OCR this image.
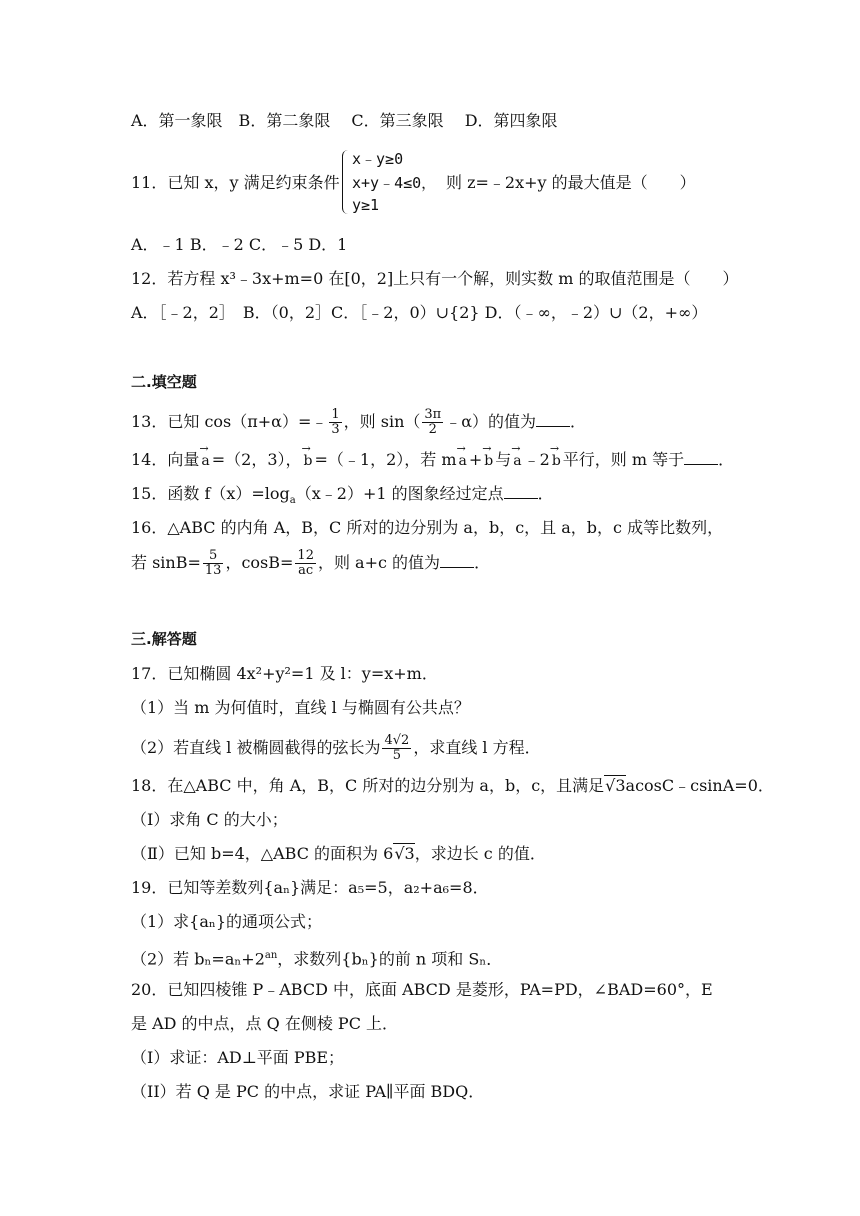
A．第一象限　B．第二象限　 C．第三象限　 D．第四象限
11．已知 x，y 满足约束条件
x﹣y≥0
x+y﹣4≤0，
y≥1
则 z=﹣2x+y 的最大值是（　　）
A．﹣1 B．﹣2 C．﹣5 D．1
12．若方程 x³﹣3x+m=0 在[0，2]上只有一个解，则实数 m 的取值范围是（　　）
A．［﹣2，2］　B．（0，2］C．［﹣2，0）∪{2} D．（﹣∞，﹣2）∪（2，+∞）
二.填空题
13．已知 cos（π+α）=﹣ $\frac{1}{3}$ ，则 $\sin( \frac{3\pi}{2}$ ﹣α）的值为 ．
14．向量 → a =（2，3）， → b =（﹣1，2），若 m → a + → b 与 → a ﹣2 → b 平行，则 m 等于 ．
15．函数 $f(x)=\log_a(x﹣2)+1$ 的图象经过定点 ．
16．△ABC 的内角 A，B，C 所对的边分别为 a，b，c，且 a，b，c 成等比数列，
若 $\sin B= \frac{5}{13}$ ，$\cos B= \frac{12}{ac}$ ，则 a+c 的值为 ．
三.解答题
17．已知椭圆 4x²+y²=1 及 l：y=x+m．
（1）当 m 为何值时，直线 l 与椭圆有公共点？
（2）若直线 l 被椭圆截得的弦长为 $\frac{4√2}{5}$ ，求直线 l 方程．
18．在△ABC 中，角 A，B，C 所对的边分别为 a，b，c，且满足√3acosC﹣csinA=0．
（Ⅰ）求角 C 的大小；
（Ⅱ）已知 b=4，△ABC 的面积为 6√3，求边长 c 的值．
19．已知等差数列{aₙ}满足：a₅=5，a₂+a₆=8．
（1）求{aₙ}的通项公式；
（2）若 $b_n=a_n+2^{an}$，求数列{bₙ}的前 n 项和 Sₙ．
20．已知四棱锥 P﹣ABCD 中，底面 ABCD 是菱形，PA=PD，∠BAD=60°，E
是 AD 的中点，点 Q 在侧棱 PC 上．
（I）求证：AD⊥平面 PBE；
（II）若 Q 是 PC 的中点，求证 PA∥平面 BDQ．
